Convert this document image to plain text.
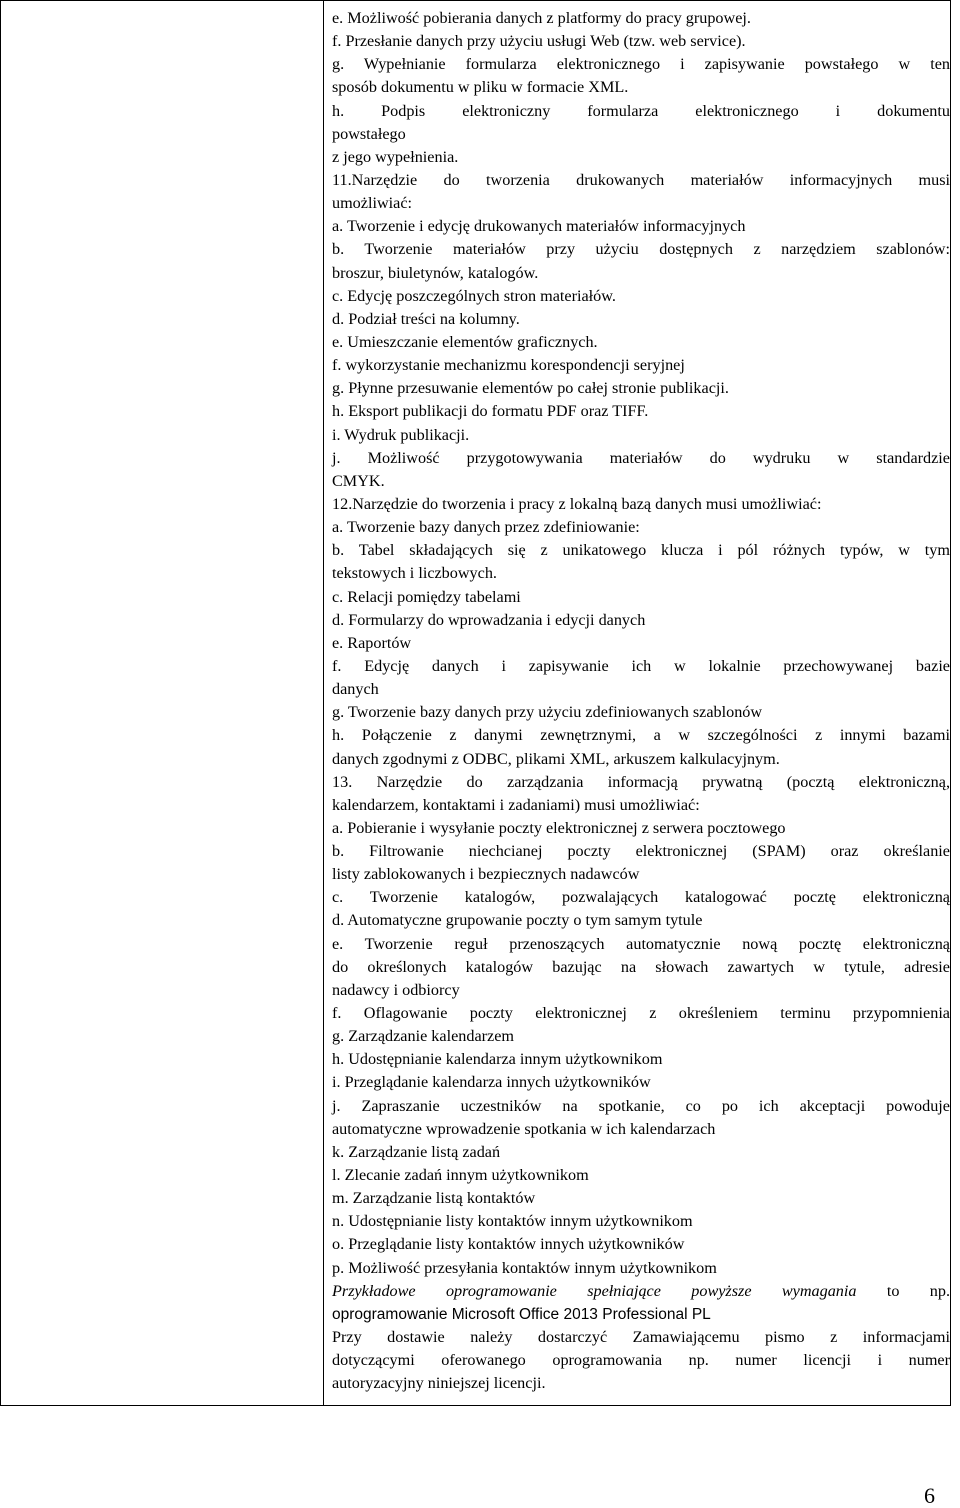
e. Możliwość pobierania danych z platformy do pracy grupowej.
f. Przesłanie danych przy użyciu usługi Web (tzw. web service).
g. Wypełnianie formularza elektronicznego i zapisywanie powstałego w ten
sposób dokumentu w pliku w formacie XML.
h. Podpis elektroniczny formularza elektronicznego i dokumentu
powstałego
z jego wypełnienia.
11.Narzędzie do tworzenia drukowanych materiałów informacyjnych musi
umożliwiać:
a. Tworzenie i edycję drukowanych materiałów informacyjnych
b. Tworzenie materiałów przy użyciu dostępnych z narzędziem szablonów:
broszur, biuletynów, katalogów.
c. Edycję poszczególnych stron materiałów.
d. Podział treści na kolumny.
e. Umieszczanie elementów graficznych.
f. wykorzystanie mechanizmu korespondencji seryjnej
g. Płynne przesuwanie elementów po całej stronie publikacji.
h. Eksport publikacji do formatu PDF oraz TIFF.
i. Wydruk publikacji.
j. Możliwość przygotowywania materiałów do wydruku w standardzie
CMYK.
12.Narzędzie do tworzenia i pracy z lokalną bazą danych musi umożliwiać:
a. Tworzenie bazy danych przez zdefiniowanie:
b. Tabel składających się z unikatowego klucza i pól różnych typów, w tym
tekstowych i liczbowych.
c. Relacji pomiędzy tabelami
d. Formularzy do wprowadzania i edycji danych
e. Raportów
f. Edycję danych i zapisywanie ich w lokalnie przechowywanej bazie
danych
g. Tworzenie bazy danych przy użyciu zdefiniowanych szablonów
h. Połączenie z danymi zewnętrznymi, a w szczególności z innymi bazami
danych zgodnymi z ODBC, plikami XML, arkuszem kalkulacyjnym.
13. Narzędzie do zarządzania informacją prywatną (pocztą elektroniczną,
kalendarzem, kontaktami i zadaniami) musi umożliwiać:
a. Pobieranie i wysyłanie poczty elektronicznej z serwera pocztowego
b. Filtrowanie niechcianej poczty elektronicznej (SPAM) oraz określanie
listy zablokowanych i bezpiecznych nadawców
c. Tworzenie katalogów, pozwalających katalogować pocztę elektroniczną
d. Automatyczne grupowanie poczty o tym samym tytule
e. Tworzenie reguł przenoszących automatycznie nową pocztę elektroniczną
do określonych katalogów bazując na słowach zawartych w tytule, adresie
nadawcy i odbiorcy
f. Oflagowanie poczty elektronicznej z określeniem terminu przypomnienia
g. Zarządzanie kalendarzem
h. Udostępnianie kalendarza innym użytkownikom
i. Przeglądanie kalendarza innych użytkowników
j. Zapraszanie uczestników na spotkanie, co po ich akceptacji powoduje
automatyczne wprowadzenie spotkania w ich kalendarzach
k. Zarządzanie listą zadań
l. Zlecanie zadań innym użytkownikom
m. Zarządzanie listą kontaktów
n. Udostępnianie listy kontaktów innym użytkownikom
o. Przeglądanie listy kontaktów innych użytkowników
p. Możliwość przesyłania kontaktów innym użytkownikom
Przykładowe oprogramowanie spełniające powyższe wymagania to np.
oprogramowanie Microsoft Office 2013 Professional PL
Przy dostawie należy dostarczyć Zamawiającemu pismo z informacjami
dotyczącymi oferowanego oprogramowania np. numer licencji i numer
autoryzacyjny niniejszej licencji.
6
